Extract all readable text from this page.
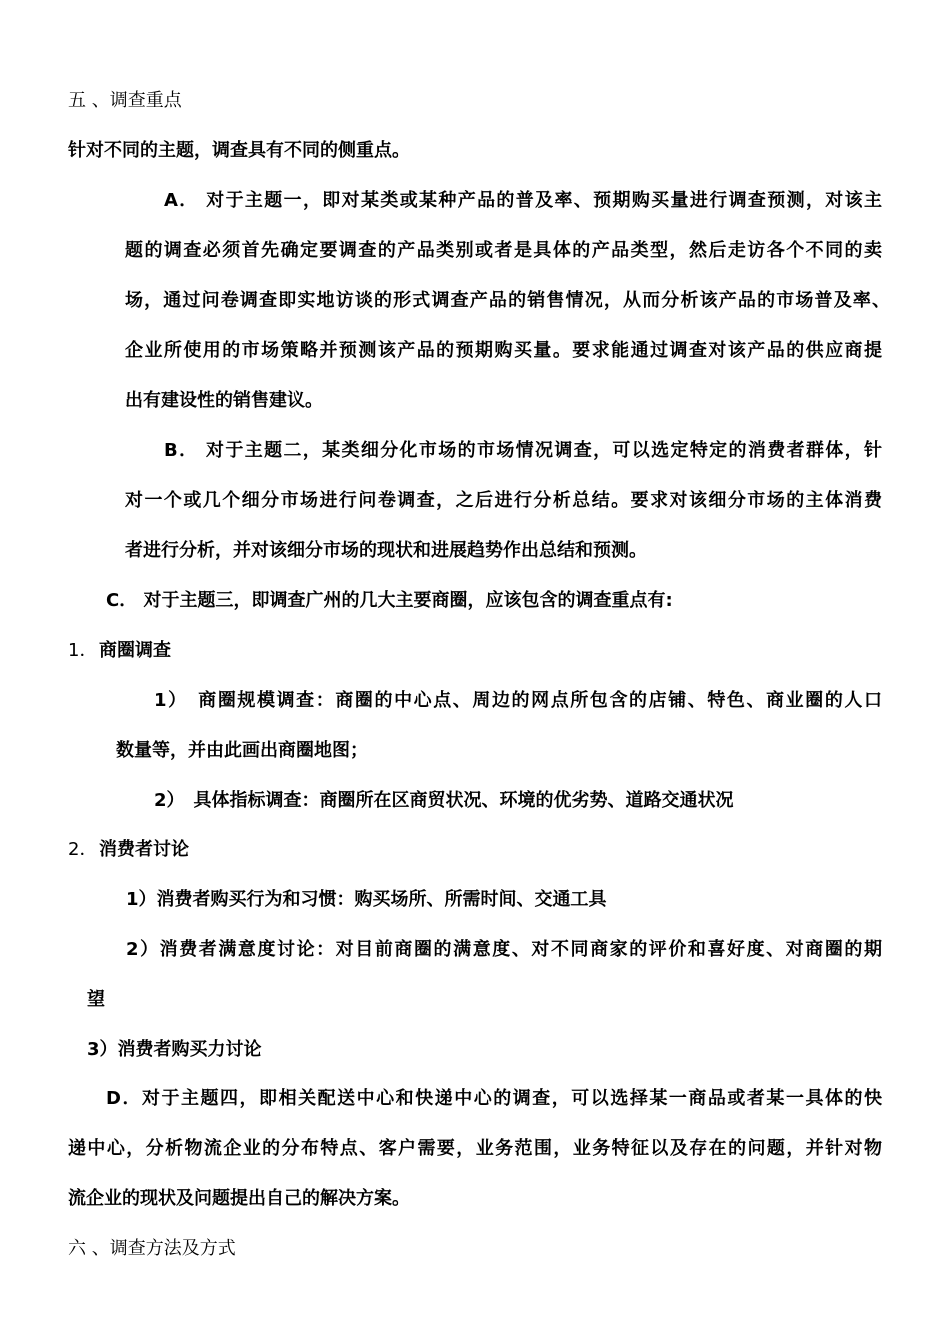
五 、调查重点
针对不同的主题，调查具有不同的侧重点。
A． 对于主题一，即对某类或某种产品的普及率、预期购买量进行调查预测，对该主
题的调查必须首先确定要调查的产品类别或者是具体的产品类型，然后走访各个不同的卖
场，通过问卷调查即实地访谈的形式调查产品的销售情况，从而分析该产品的市场普及率、
企业所使用的市场策略并预测该产品的预期购买量。要求能通过调查对该产品的供应商提
出有建设性的销售建议。
B． 对于主题二，某类细分化市场的市场情况调查，可以选定特定的消费者群体，针
对一个或几个细分市场进行问卷调查，之后进行分析总结。要求对该细分市场的主体消费
者进行分析，并对该细分市场的现状和进展趋势作出总结和预测。
C． 对于主题三，即调查广州的几大主要商圈，应该包含的调查重点有:
1． 商圈调查
1）　商圈规模调查：商圈的中心点、周边的网点所包含的店铺、特色、商业圈的人口
数量等，并由此画出商圈地图；
2）　具体指标调查：商圈所在区商贸状况、环境的优劣势、道路交通状况
2． 消费者讨论
1）消费者购买行为和习惯：购买场所、所需时间、交通工具
2）消费者满意度讨论：对目前商圈的满意度、对不同商家的评价和喜好度、对商圈的期
望
3）消费者购买力讨论
D．对于主题四，即相关配送中心和快递中心的调查，可以选择某一商品或者某一具体的快
递中心，分析物流企业的分布特点、客户需要，业务范围，业务特征以及存在的问题，并针对物
流企业的现状及问题提出自己的解决方案。
六 、调查方法及方式
